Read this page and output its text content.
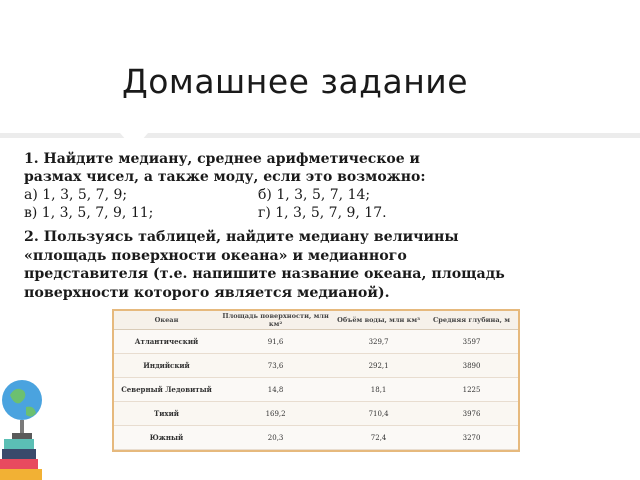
Домашнее задание
1. Найдите медиану, среднее арифметическое и
размах чисел, а также моду, если это возможно:
а) 1, 3, 5, 7, 9;	б) 1, 3, 5, 7, 14;
в) 1, 3, 5, 7, 9, 11;	г) 1, 3, 5, 7, 9, 17.
2. Пользуясь таблицей, найдите медиану величины
«площадь поверхности океана» и медианного
представителя (т.е. напишите название океана, площадь
поверхности которого является медианой).
Океан	Площадь поверхности, млн км²	Объём воды, млн км³	Средняя глубина, м
Атлантический	91,6	329,7	3597
Индийский	73,6	292,1	3890
Северный Ледовитый	14,8	18,1	1225
Тихий	169,2	710,4	3976
Южный	20,3	72,4	3270
